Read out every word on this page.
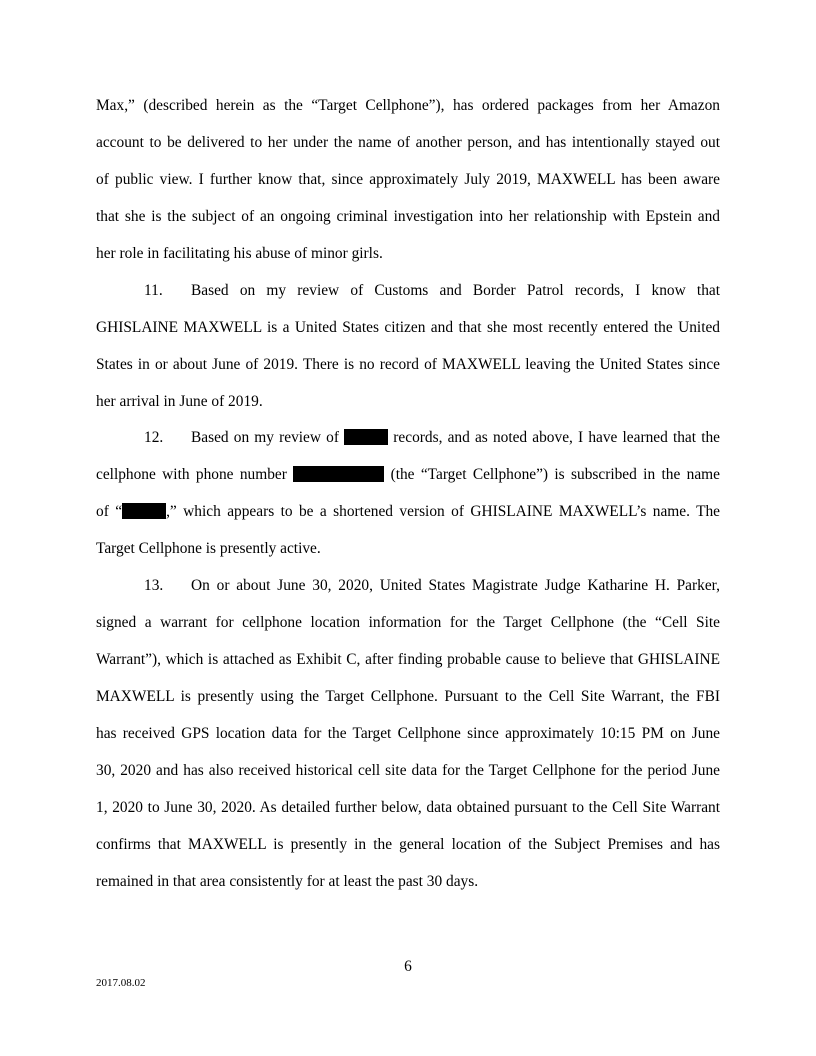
Max,” (described herein as the “Target Cellphone”), has ordered packages from her Amazon
account to be delivered to her under the name of another person, and has intentionally stayed out
of public view. I further know that, since approximately July 2019, MAXWELL has been aware
that she is the subject of an ongoing criminal investigation into her relationship with Epstein and
her role in facilitating his abuse of minor girls.
11. Based on my review of Customs and Border Patrol records, I know that
GHISLAINE MAXWELL is a United States citizen and that she most recently entered the United
States in or about June of 2019. There is no record of MAXWELL leaving the United States since
her arrival in June of 2019.
12. Based on my review of	records, and as noted above, I have learned that the
cellphone with phone number	(the “Target Cellphone”) is subscribed in the name
of “	,” which appears to be a shortened version of GHISLAINE MAXWELL’s name. The
Target Cellphone is presently active.
13. On or about June 30, 2020, United States Magistrate Judge Katharine H. Parker,
signed a warrant for cellphone location information for the Target Cellphone (the “Cell Site
Warrant”), which is attached as Exhibit C, after finding probable cause to believe that GHISLAINE
MAXWELL is presently using the Target Cellphone. Pursuant to the Cell Site Warrant, the FBI
has received GPS location data for the Target Cellphone since approximately 10:15 PM on June
30, 2020 and has also received historical cell site data for the Target Cellphone for the period June
1, 2020 to June 30, 2020. As detailed further below, data obtained pursuant to the Cell Site Warrant
confirms that MAXWELL is presently in the general location of the Subject Premises and has
remained in that area consistently for at least the past 30 days.
6
2017.08.02
